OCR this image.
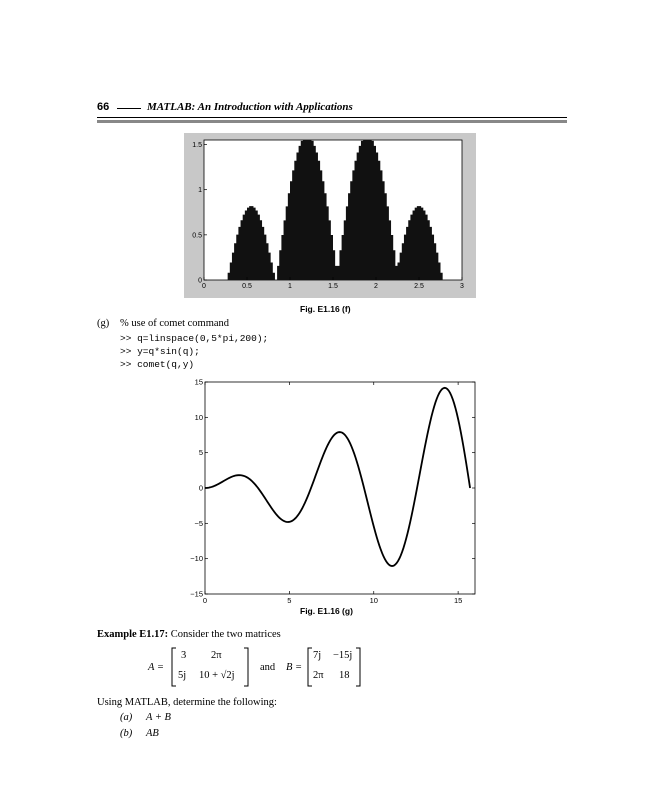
66	MATLAB: An Introduction with Applications
0	0.5	1	1.5	2	2.5	3
0
0.5
1
1.5
Fig. E1.16 (f)
(g) % use of comet command
>> q=linspace(0,5*pi,200);
>> y=q*sin(q);
>> comet(q,y)
0	5	10	15
15
10
5
0
−5
−10
−15
Fig. E1.16 (g)
Example E1.17: Consider the two matrices
A =
3 2π
5j 10 + √2j
and B =
7j −15j
2π 18
Using MATLAB, determine the following:
(a) A + B
(b) AB
